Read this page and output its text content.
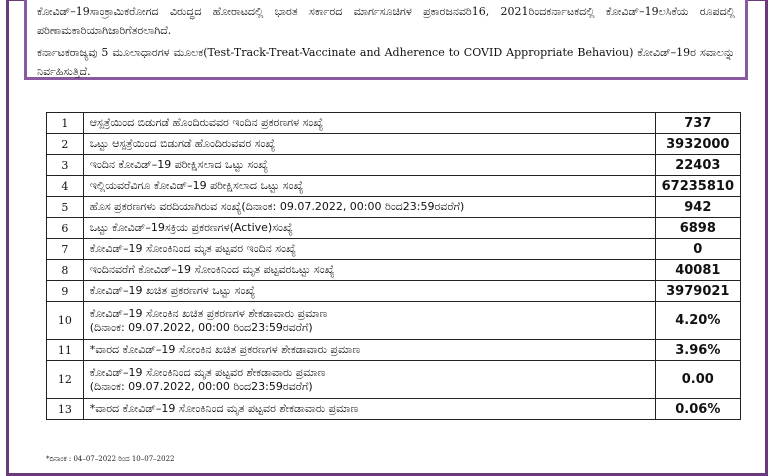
ಕೋವಿಡ್–19ಸಾಂಕ್ರಾಮಿಕರೋಗದ ವಿರುದ್ಧದ ಹೋರಾಟದಲ್ಲಿ ಭಾರತ ಸರ್ಕಾರದ ಮಾರ್ಗಸೂಚಿಗಳ ಪ್ರಕಾರಜನವರಿ16, 2021ರಿಂದಕರ್ನಾಟಕದಲ್ಲಿ ಕೋವಿಡ್–19ಲಸಿಕೆಯ ರೂಪದಲ್ಲಿ ಪರಿಣಾಮಕಾರಿಯಾಗಿಜಾರಿಗೆತರಲಾಗಿದೆ.

ಕರ್ನಾಟಕರಾಜ್ಯವು 5 ಮೂಲಾಧಾರಗಳ ಮೂಲಕ(Test-Track-Treat-Vaccinate and Adherence to COVID Appropriate Behaviou) ಕೋವಿಡ್–19ರ ಸವಾಲನ್ನು ನಿರ್ವಹಿಸುತ್ತಿದೆ.

1	ಆಸ್ಪತ್ರೆಯಿಂದ ಬಿಡುಗಡೆ ಹೊಂದಿರುವವರ ಇಂದಿನ ಪ್ರಕರಣಗಳ ಸಂಖ್ಯೆ	737
2	ಒಟ್ಟು ಆಸ್ಪತ್ರೆಯಿಂದ ಬಿಡುಗಡೆ ಹೊಂದಿರುವವರ ಸಂಖ್ಯೆ	3932000
3	ಇಂದಿನ ಕೋವಿಡ್–19 ಪರೀಕ್ಷಿಸಲಾದ ಒಟ್ಟು ಸಂಖ್ಯೆ	22403
4	ಇಲ್ಲಿಯವರೆವಿಗೂ ಕೋವಿಡ್–19 ಪರೀಕ್ಷಿಸಲಾದ ಒಟ್ಟು ಸಂಖ್ಯೆ	67235810
5	ಹೊಸ ಪ್ರಕರಣಗಳು ವರದಿಯಾಗಿರುವ ಸಂಖ್ಯೆ(ದಿನಾಂಕ: 09.07.2022, 00:00 ರಿಂದ23:59ರವರೆಗೆ)	942
6	ಒಟ್ಟು ಕೋವಿಡ್–19ಸಕ್ರಿಯ ಪ್ರಕರಣಗಳ(Active)ಸಂಖ್ಯೆ	6898
7	ಕೋವಿಡ್–19 ಸೋಂಕಿನಿಂದ ಮೃತ ಪಟ್ಟವರ ಇಂದಿನ ಸಂಖ್ಯೆ	0
8	ಇಂದಿನವರೆಗೆ ಕೋವಿಡ್–19 ಸೋಂಕಿನಿಂದ ಮೃತ ಪಟ್ಟವರಒಟ್ಟು ಸಂಖ್ಯೆ	40081
9	ಕೋವಿಡ್–19 ಖಚಿತ ಪ್ರಕರಣಗಳ ಒಟ್ಟು ಸಂಖ್ಯೆ	3979021
10	ಕೋವಿಡ್–19 ಸೋಂಕಿನ ಖಚಿತ ಪ್ರಕರಣಗಳ ಶೇಕಡಾವಾರು ಪ್ರಮಾಣ
(ದಿನಾಂಕ: 09.07.2022, 00:00 ರಿಂದ23:59ರವರೆಗೆ)	4.20%
11	*ವಾರದ ಕೋವಿಡ್–19 ಸೋಂಕಿನ ಖಚಿತ ಪ್ರಕರಣಗಳ ಶೇಕಡಾವಾರು ಪ್ರಮಾಣ	3.96%
12	ಕೋವಿಡ್–19 ಸೋಂಕಿನಿಂದ ಮೃತ ಪಟ್ಟವರ ಶೇಕಡಾವಾರು ಪ್ರಮಾಣ
(ದಿನಾಂಕ: 09.07.2022, 00:00 ರಿಂದ23:59ರವರೆಗೆ)	0.00
13	*ವಾರದ ಕೋವಿಡ್–19 ಸೋಂಕಿನಿಂದ ಮೃತ ಪಟ್ಟವರ ಶೇಕಡಾವಾರು ಪ್ರಮಾಣ	0.06%
*ದಿನಾಂಕ : 04–07–2022 ರಿಂದ 10–07–2022
